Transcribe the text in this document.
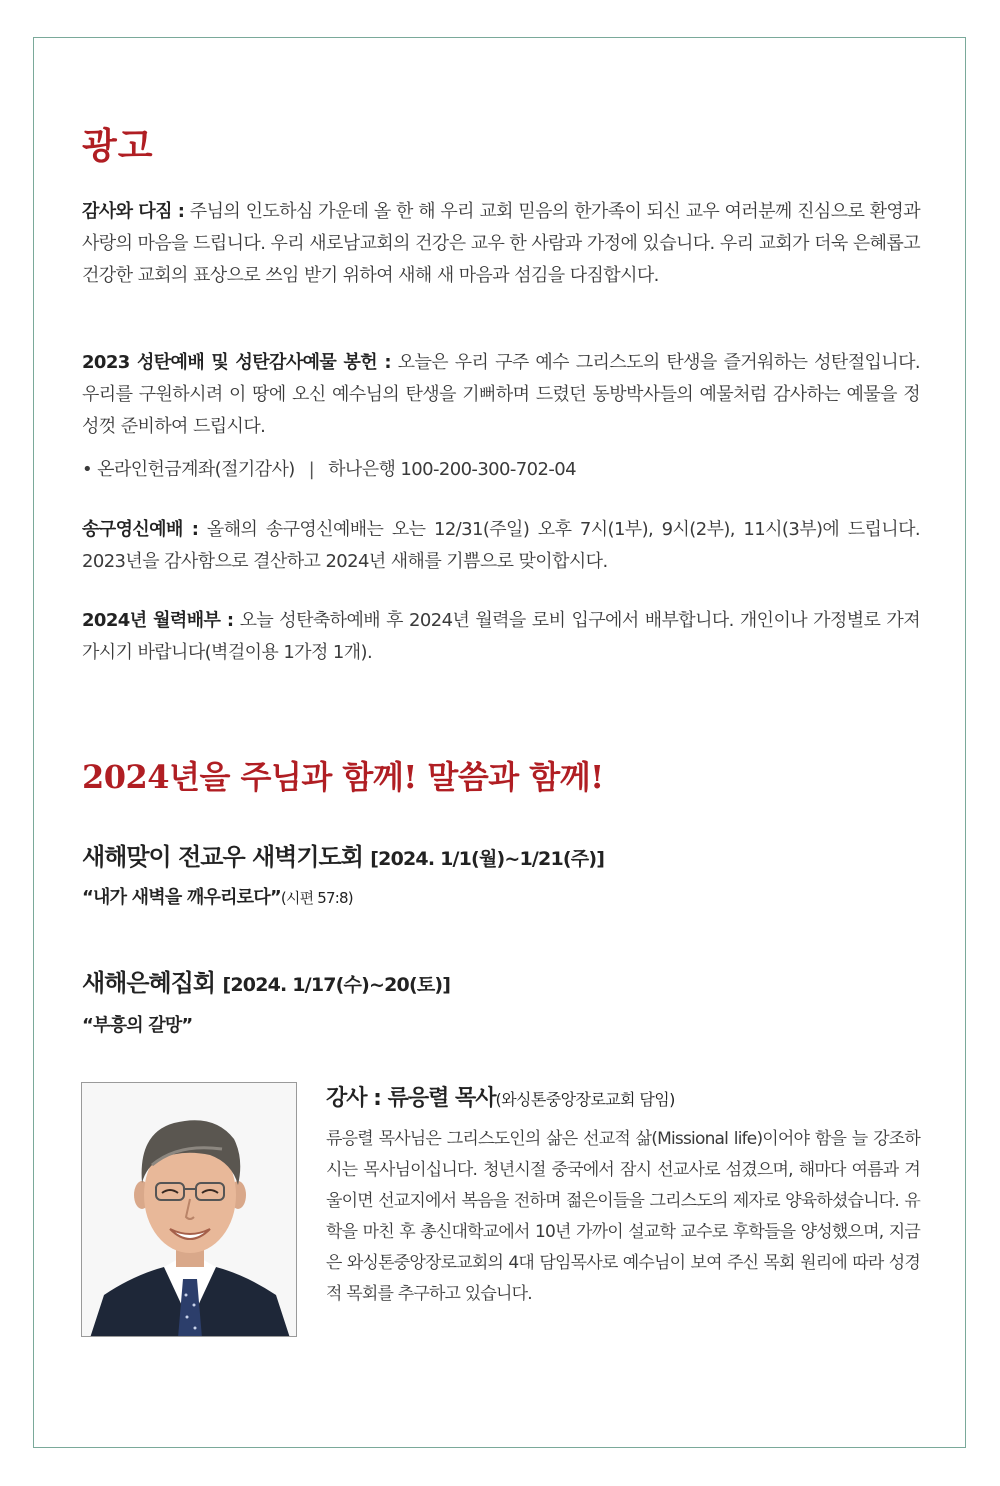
광고

감사와 다짐 : 주님의 인도하심 가운데 올 한 해 우리 교회 믿음의 한가족이 되신 교우 여러분께 진심으로 환영과 사랑의 마음을 드립니다. 우리 새로남교회의 건강은 교우 한 사람과 가정에 있습니다. 우리 교회가 더욱 은혜롭고 건강한 교회의 표상으로 쓰임 받기 위하여 새해 새 마음과 섬김을 다짐합시다.

2023 성탄예배 및 성탄감사예물 봉헌 : 오늘은 우리 구주 예수 그리스도의 탄생을 즐거워하는 성탄절입니다. 우리를 구원하시려 이 땅에 오신 예수님의 탄생을 기뻐하며 드렸던 동방박사들의 예물처럼 감사하는 예물을 정성껏 준비하여 드립시다.

• 온라인헌금계좌(절기감사) | 하나은행 100-200-300-702-04

송구영신예배 : 올해의 송구영신예배는 오는 12/31(주일) 오후 7시(1부), 9시(2부), 11시(3부)에 드립니다. 2023년을 감사함으로 결산하고 2024년 새해를 기쁨으로 맞이합시다.

2024년 월력배부 : 오늘 성탄축하예배 후 2024년 월력을 로비 입구에서 배부합니다. 개인이나 가정별로 가져가시기 바랍니다(벽걸이용 1가정 1개).

2024년을 주님과 함께! 말씀과 함께!

새해맞이 전교우 새벽기도회 [2024. 1/1(월)~1/21(주)]

“내가 새벽을 깨우리로다”(시편 57:8)

새해은혜집회 [2024. 1/17(수)~20(토)]

“부흥의 갈망”

강사 : 류응렬 목사(와싱톤중앙장로교회 담임)

류응렬 목사님은 그리스도인의 삶은 선교적 삶(Missional life)이어야 함을 늘 강조하시는 목사님이십니다. 청년시절 중국에서 잠시 선교사로 섬겼으며, 해마다 여름과 겨울이면 선교지에서 복음을 전하며 젊은이들을 그리스도의 제자로 양육하셨습니다. 유학을 마친 후 총신대학교에서 10년 가까이 설교학 교수로 후학들을 양성했으며, 지금은 와싱톤중앙장로교회의 4대 담임목사로 예수님이 보여 주신 목회 원리에 따라 성경적 목회를 추구하고 있습니다.
